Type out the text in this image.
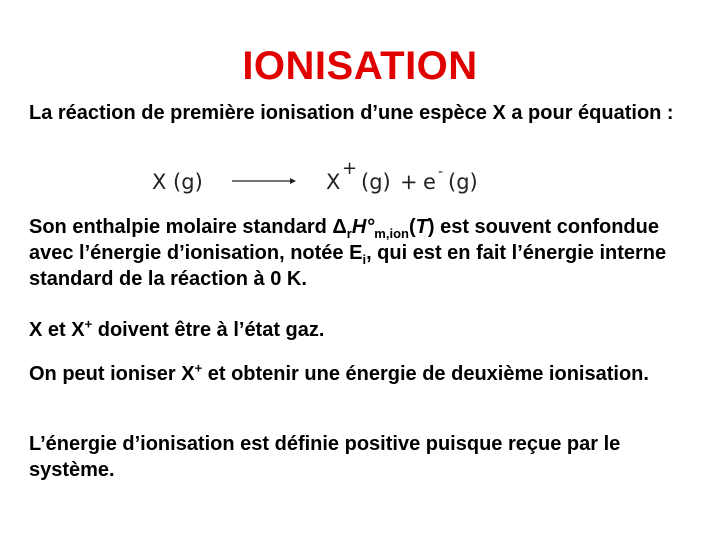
IONISATION
La réaction de première ionisation d’une espèce X a pour équation :
X (g)	X
+
(g) + e - (g)
Son enthalpie molaire standard $\Delta_rH^\circ_{m,ion}(T)$ est souvent confondue avec l’énergie d’ionisation, notée $E_i$, qui est en fait l’énergie interne standard de la réaction à 0 K.
X et X+ doivent être à l’état gaz.
On peut ioniser X+ et obtenir une énergie de deuxième ionisation.
L’énergie d’ionisation est définie positive puisque reçue par le système.
